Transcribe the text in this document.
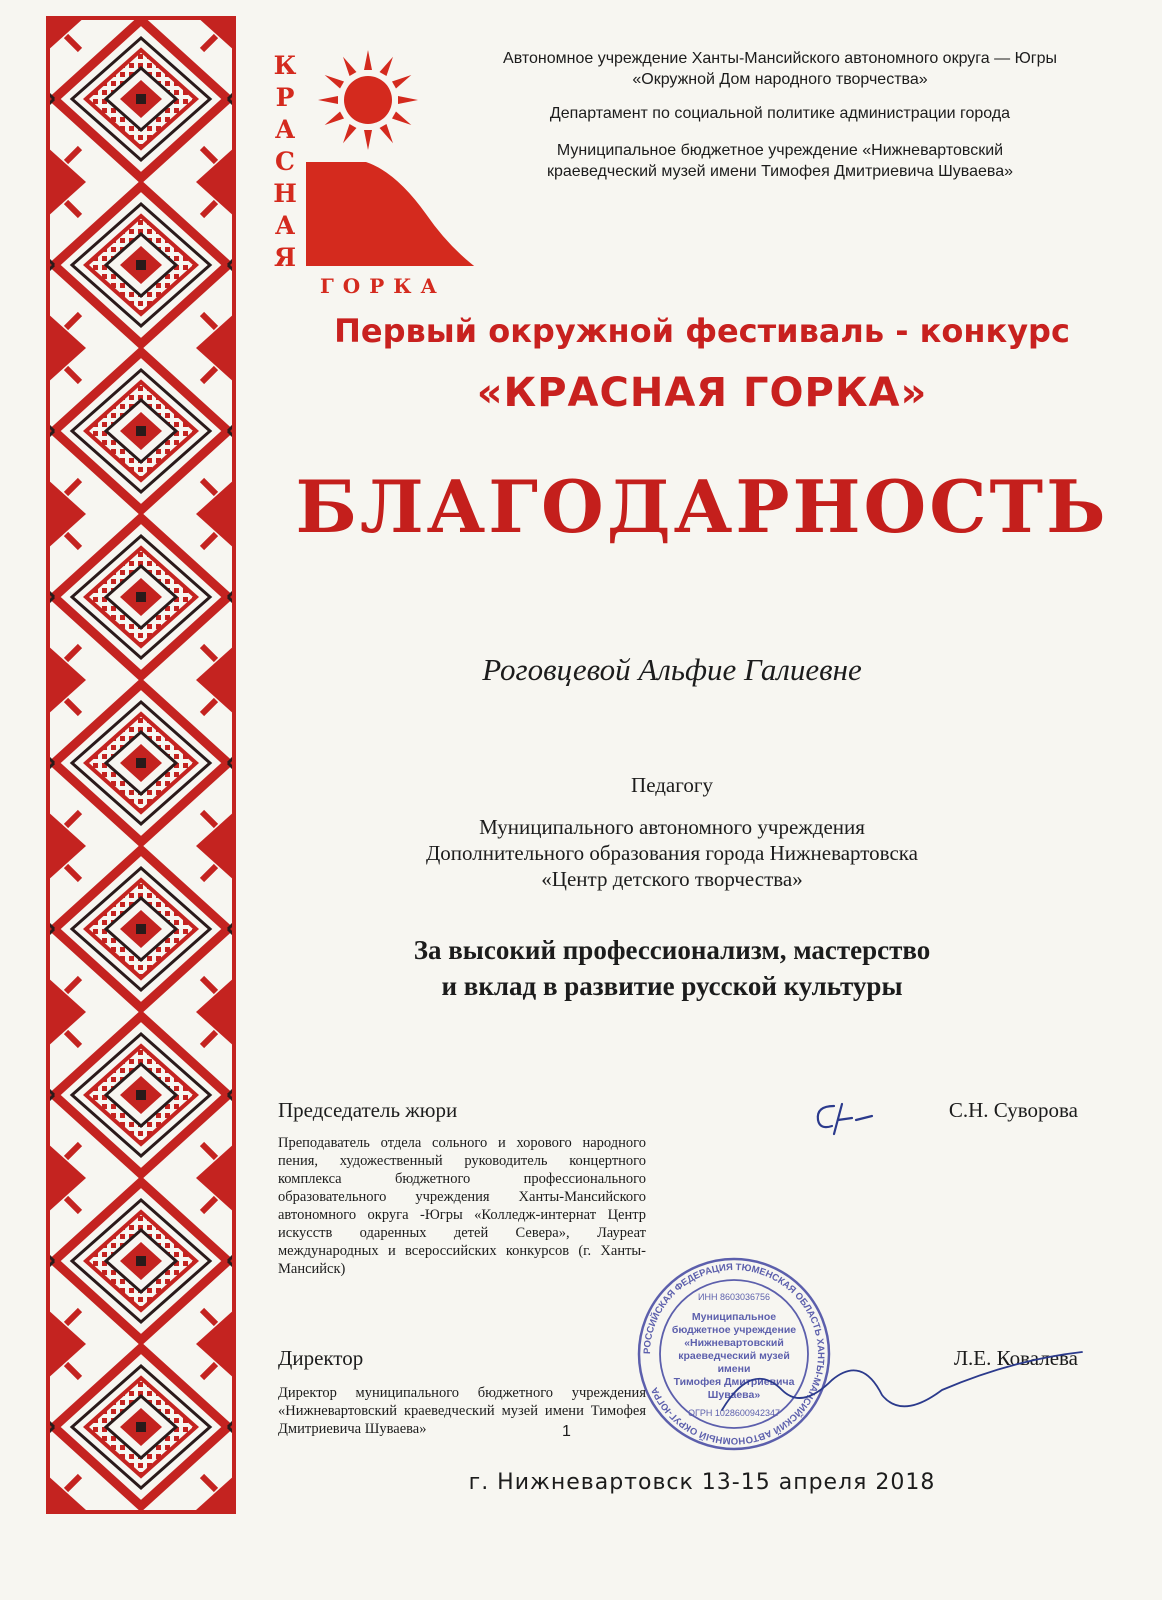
К
Р
А
С
Н
А
Я
ГОРКА
Автономное учреждение Ханты-Мансийского автономного округа — Югры
«Окружной Дом народного творчества»
Департамент по социальной политике администрации города
Муниципальное бюджетное учреждение «Нижневартовский
краеведческий музей имени Тимофея Дмитриевича Шуваева»
Первый окружной фестиваль - конкурс
«КРАСНАЯ ГОРКА»
БЛАГОДАРНОСТЬ
Роговцевой Альфие Галиевне
Педагогу
Муниципального автономного учреждения
Дополнительного образования города Нижневартовска
«Центр детского творчества»
За высокий профессионализм, мастерство
и вклад в развитие русской культуры
Председатель жюри	С.Н. Суворова
Преподаватель отдела сольного и хорового народного пения, художественный руководитель концертного комплекса бюджетного профессионального образовательного учреждения Ханты-Мансийского автономного округа -Югры «Колледж-интернат Центр искусств одаренных детей Севера», Лауреат международных и всероссийских конкурсов (г. Ханты-Мансийск)
Директор	Л.Е. Ковалева
Директор муниципального бюджетного учреждения «Нижневартовский краеведческий музей имени Тимофея Дмитриевича Шуваева»
РОССИЙСКАЯ ФЕДЕРАЦИЯ ТЮМЕНСКАЯ ОБЛАСТЬ ХАНТЫ-МАНСИЙСКИЙ АВТОНОМНЫЙ ОКРУГ-ЮГРА
ИНН 8603036756
Муниципальное
бюджетное учреждение
«Нижневартовский
краеведческий музей
имени
Тимофея Дмитриевича
Шуваева»
ОГРН 1028600942347
1
г. Нижневартовск 13-15 апреля 2018
